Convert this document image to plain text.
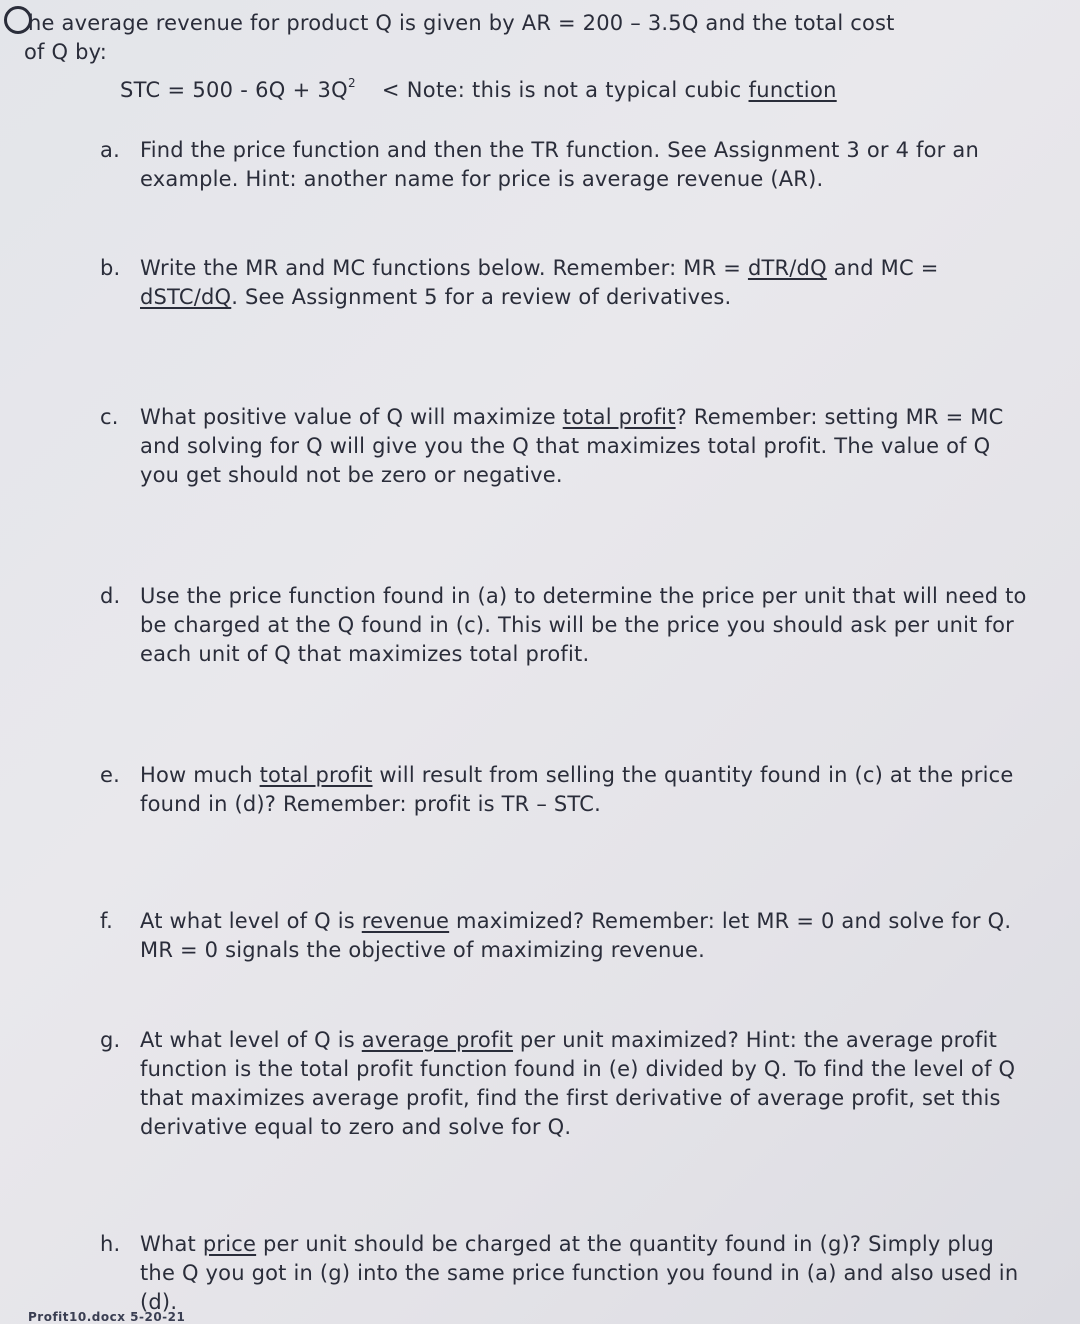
he average revenue for product Q is given by AR = 200 – 3.5Q and the total cost
of Q by:
STC = $500 - 6Q + 3Q^2$ < Note: this is not a typical cubic function
a. Find the price function and then the TR function. See Assignment 3 or 4 for an example. Hint: another name for price is average revenue (AR).
b. Write the MR and MC functions below. Remember: MR = dTR/dQ and MC = dSTC/dQ. See Assignment 5 for a review of derivatives.
c.	What positive value of Q will maximize total profit? Remember: setting MR = MC and solving for Q will give you the Q that maximizes total profit. The value of Q you get should not be zero or negative.
d. Use the price function found in (a) to determine the price per unit that will need to be charged at the Q found in (c). This will be the price you should ask per unit for each unit of Q that maximizes total profit.
e. How much total profit will result from selling the quantity found in (c) at the price found in (d)? Remember: profit is TR – STC.
f.	At what level of Q is revenue maximized? Remember: let MR = 0 and solve for Q. MR = 0 signals the objective of maximizing revenue.
g. At what level of Q is average profit per unit maximized? Hint: the average profit function is the total profit function found in (e) divided by Q. To find the level of Q that maximizes average profit, find the first derivative of average profit, set this derivative equal to zero and solve for Q.
h. What price per unit should be charged at the quantity found in (g)? Simply plug the Q you got in (g) into the same price function you found in (a) and also used in (d).
Profit10.docx 5-20-21
